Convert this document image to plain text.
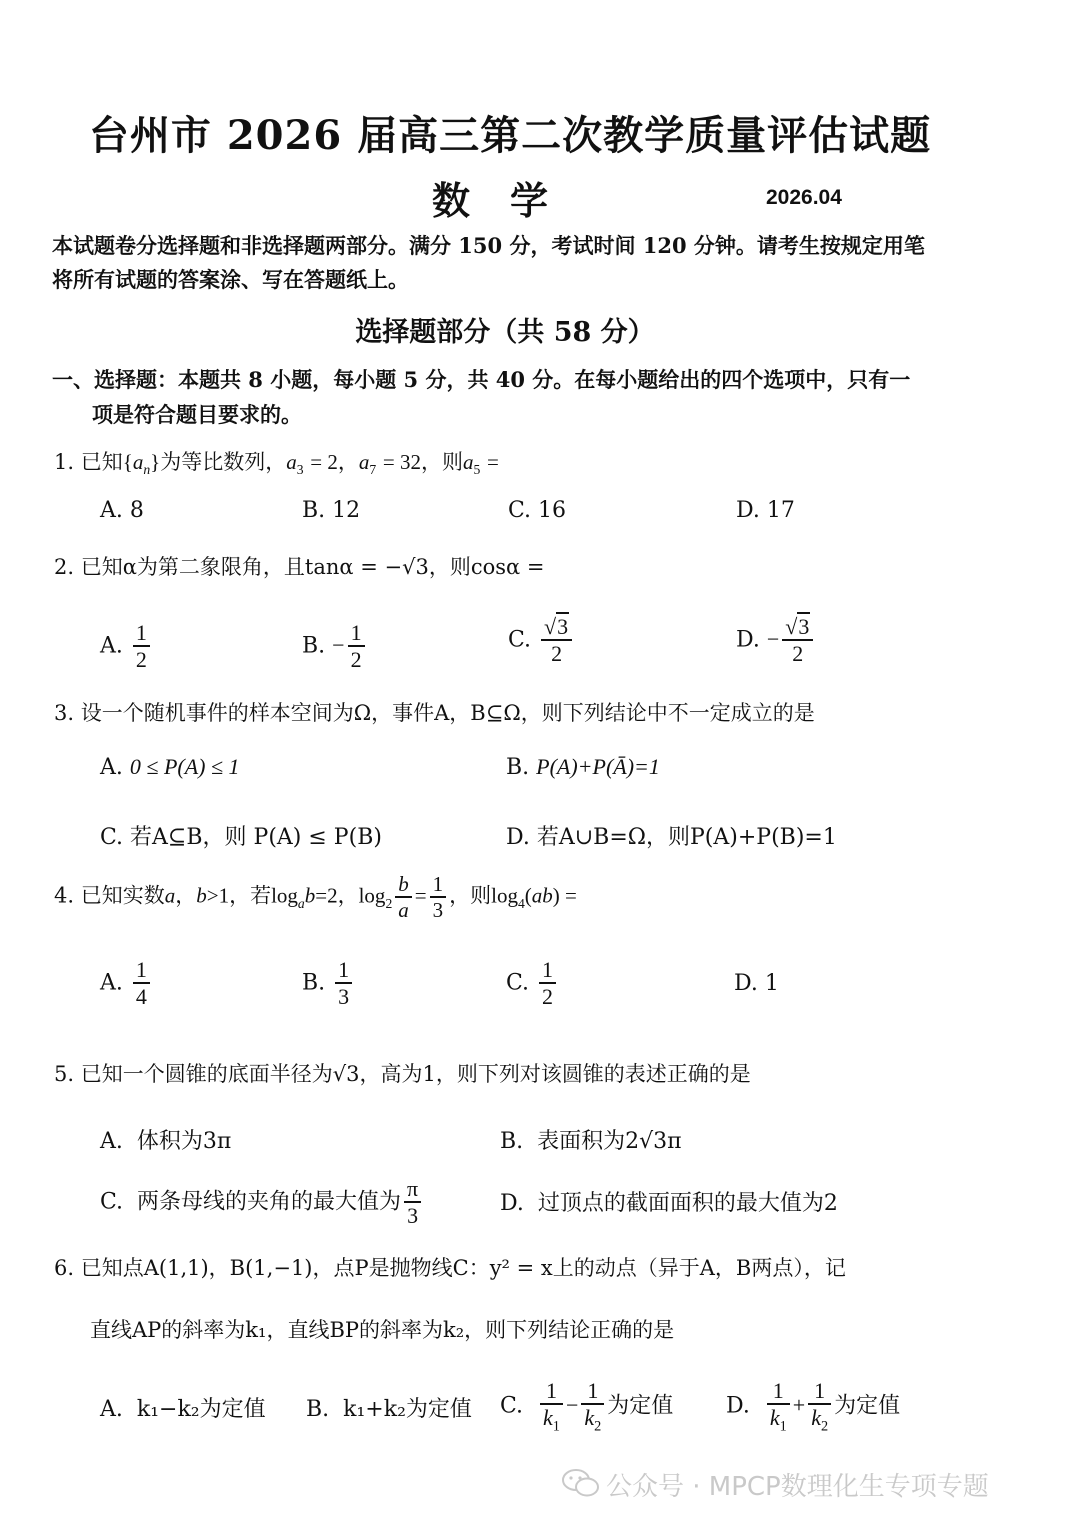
台州市 2026 届高三第二次教学质量评估试题
数学	2026.04
本试题卷分选择题和非选择题两部分。满分 150 分，考试时间 120 分钟。请考生按规定用笔
将所有试题的答案涂、写在答题纸上。
选择题部分（共 58 分）
一、选择题：本题共 8 小题，每小题 5 分，共 40 分。在每小题给出的四个选项中，只有一
项是符合题目要求的。
1. 已知$\{a_n\}$为等比数列，$a_3 = 2$，$a_7 = 32$，则$a_5$ =
A. 8	B. 12	C. 16	D. 17
2. 已知α为第二象限角，且tanα = −√3，则cosα =
A. $\frac{1}{2}$	B. − $\frac{1}{2}$	C. $\frac{√3}{2}$	D. − $\frac{√3}{2}$
3. 设一个随机事件的样本空间为Ω，事件A，B⊆Ω，则下列结论中不一定成立的是
A. 0 ≤ P(A) ≤ 1	B. P(A)+P(Ā)=1
C. 若A⊆B，则 P(A) ≤ P(B)	D. 若A∪B=Ω，则P(A)+P(B)=1
4. 已知实数a，b>1，若$\log_ab=2$，$\log_2 \frac{b}{a} = \frac{1}{3}$ ，则$\log_4(ab)$ =
A. $\frac{1}{4}$	B. $\frac{1}{3}$	C. $\frac{1}{2}$	D. 1
5. 已知一个圆锥的底面半径为√3，高为1，则下列对该圆锥的表述正确的是
A.  体积为3π	B.  表面积为2√3π
C.  两条母线的夹角的最大值为 $\frac{\pi}{3}$	D.  过顶点的截面面积的最大值为2
6. 已知点A(1,1)，B(1,−1)，点P是抛物线C：y² = x上的动点（异于A，B两点），记
直线AP的斜率为k₁，直线BP的斜率为k₂，则下列结论正确的是
A.  k₁−k₂为定值 B.  k₁+k₂为定值 C. $\frac{1}{k_1} - \frac{1}{k_2}$ 为定值 D. $\frac{1}{k_1} + \frac{1}{k_2}$ 为定值
公众号 · MPCP数理化生专项专题
